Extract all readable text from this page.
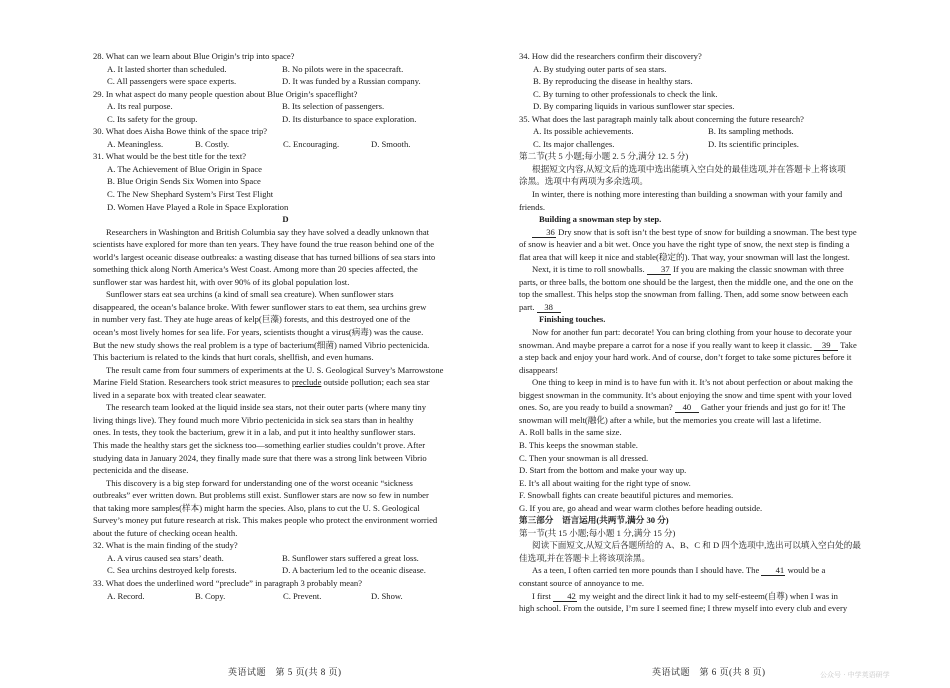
28. What can we learn about Blue Origin’s trip into space?
A. It lasted shorter than scheduled.	B. No pilots were in the spacecraft.
C. All passengers were space experts.	D. It was funded by a Russian company.
29. In what aspect do many people question about Blue Origin’s spaceflight?
A. Its real purpose.	B. Its selection of passengers.
C. Its safety for the group.	D. Its disturbance to space exploration.
30. What does Aisha Bowe think of the space trip?
A. Meaningless.	B. Costly.	C. Encouraging.	D. Smooth.
31. What would be the best title for the text?
A. The Achievement of Blue Origin in Space
B. Blue Origin Sends Six Women into Space
C. The New Shephard System’s First Test Flight
D. Women Have Played a Role in Space Exploration
D
Researchers in Washington and British Columbia say they have solved a deadly unknown that
scientists have explored for more than ten years. They have found the true reason behind one of the
world’s largest oceanic disease outbreaks: a wasting disease that has turned billions of sea stars into
something thick along North America’s West Coast. Among more than 20 species affected, the
sunflower star was hardest hit, with over 90% of its global population lost.
Sunflower stars eat sea urchins (a kind of small sea creature). When sunflower stars
disappeared, the ocean’s balance broke. With fewer sunflower stars to eat them, sea urchins grew
in number very fast. They ate huge areas of kelp(巨藻) forests, and this destroyed one of the
ocean’s most lively homes for sea life. For years, scientists thought a virus(病毒) was the cause.
But the new study shows the real problem is a type of bacterium(细菌) named Vibrio pectenicida.
This bacterium is related to the kinds that hurt corals, shellfish, and even humans.
The result came from four summers of experiments at the U. S. Geological Survey’s Marrowstone
Marine Field Station. Researchers took strict measures to preclude outside pollution; each sea star
lived in a separate box with treated clear seawater.
The research team looked at the liquid inside sea stars, not their outer parts (where many tiny
living things live). They found much more Vibrio pectenicida in sick sea stars than in healthy
ones. In tests, they took the bacterium, grew it in a lab, and put it into healthy sunflower stars.
This made the healthy stars get the sickness too—something earlier studies couldn’t prove. After
studying data in January 2024, they finally made sure that there was a strong link between Vibrio
pectenicida and the disease.
This discovery is a big step forward for understanding one of the worst oceanic “sickness
outbreaks” ever written down. But problems still exist. Sunflower stars are now so few in number
that taking more samples(样本) might harm the species. Also, plans to cut the U. S. Geological
Survey’s money put future research at risk. This makes people who protect the environment worried
about the future of checking ocean health.
32. What is the main finding of the study?
A. A virus caused sea stars’ death.	B. Sunflower stars suffered a great loss.
C. Sea urchins destroyed kelp forests.	D. A bacterium led to the oceanic disease.
33. What does the underlined word “preclude” in paragraph 3 probably mean?
A. Record.	B. Copy.	C. Prevent.	D. Show.
34. How did the researchers confirm their discovery?
A. By studying outer parts of sea stars.
B. By reproducing the disease in healthy stars.
C. By turning to other professionals to check the link.
D. By comparing liquids in various sunflower star species.
35. What does the last paragraph mainly talk about concerning the future research?
A. Its possible achievements.	B. Its sampling methods.
C. Its major challenges.	D. Its scientific principles.
第二节(共 5 小题;每小题 2. 5 分,满分 12. 5 分)
根据短文内容,从短文后的选项中选出能填入空白处的最佳选项,并在答题卡上将该项
涂黑。选项中有两项为多余选项。
In winter, there is nothing more interesting than building a snowman with your family and
friends.
Building a snowman step by step.
36 Dry snow that is soft isn’t the best type of snow for building a snowman. The best type
of snow is heavier and a bit wet. Once you have the right type of snow, the next step is finding a
flat area that will keep it nice and stable(稳定的). That way, your snowman will last the longest.
Next, it is time to roll snowballs. 37 If you are making the classic snowman with three
parts, or three balls, the bottom one should be the largest, then the middle one, and the one on the
top the smallest. This helps stop the snowman from falling. Then, add some snow between each
part. 38
Finishing touches.
Now for another fun part: decorate! You can bring clothing from your house to decorate your
snowman. And maybe prepare a carrot for a nose if you really want to keep it classic. 39 Take
a step back and enjoy your hard work. And of course, don’t forget to take some pictures before it
disappears!
One thing to keep in mind is to have fun with it. It’s not about perfection or about making the
biggest snowman in the community. It’s about enjoying the snow and time spent with your loved
ones. So, are you ready to build a snowman? 40 Gather your friends and just go for it! The
snowman will melt(融化) after a while, but the memories you create will last a lifetime.
A. Roll balls in the same size.
B. This keeps the snowman stable.
C. Then your snowman is all dressed.
D. Start from the bottom and make your way up.
E. It’s all about waiting for the right type of snow.
F. Snowball fights can create beautiful pictures and memories.
G. If you are, go ahead and wear warm clothes before heading outside.
第三部分　语言运用(共两节,满分 30 分)
第一节(共 15 小题;每小题 1 分,满分 15 分)
阅读下面短文,从短文后各题所给的 A、B、C 和 D 四个选项中,选出可以填入空白处的最
佳选项,并在答题卡上将该项涂黑。
As a teen, I often carried ten more pounds than I should have. The 41 would be a
constant source of annoyance to me.
I first 42 my weight and the direct link it had to my self-esteem(自尊) when I was in
high school. From the outside, I’m sure I seemed fine; I threw myself into every club and every
英语试题　第 5 页(共 8 页)	英语试题　第 6 页(共 8 页)	公众号 · 中学英语研学
